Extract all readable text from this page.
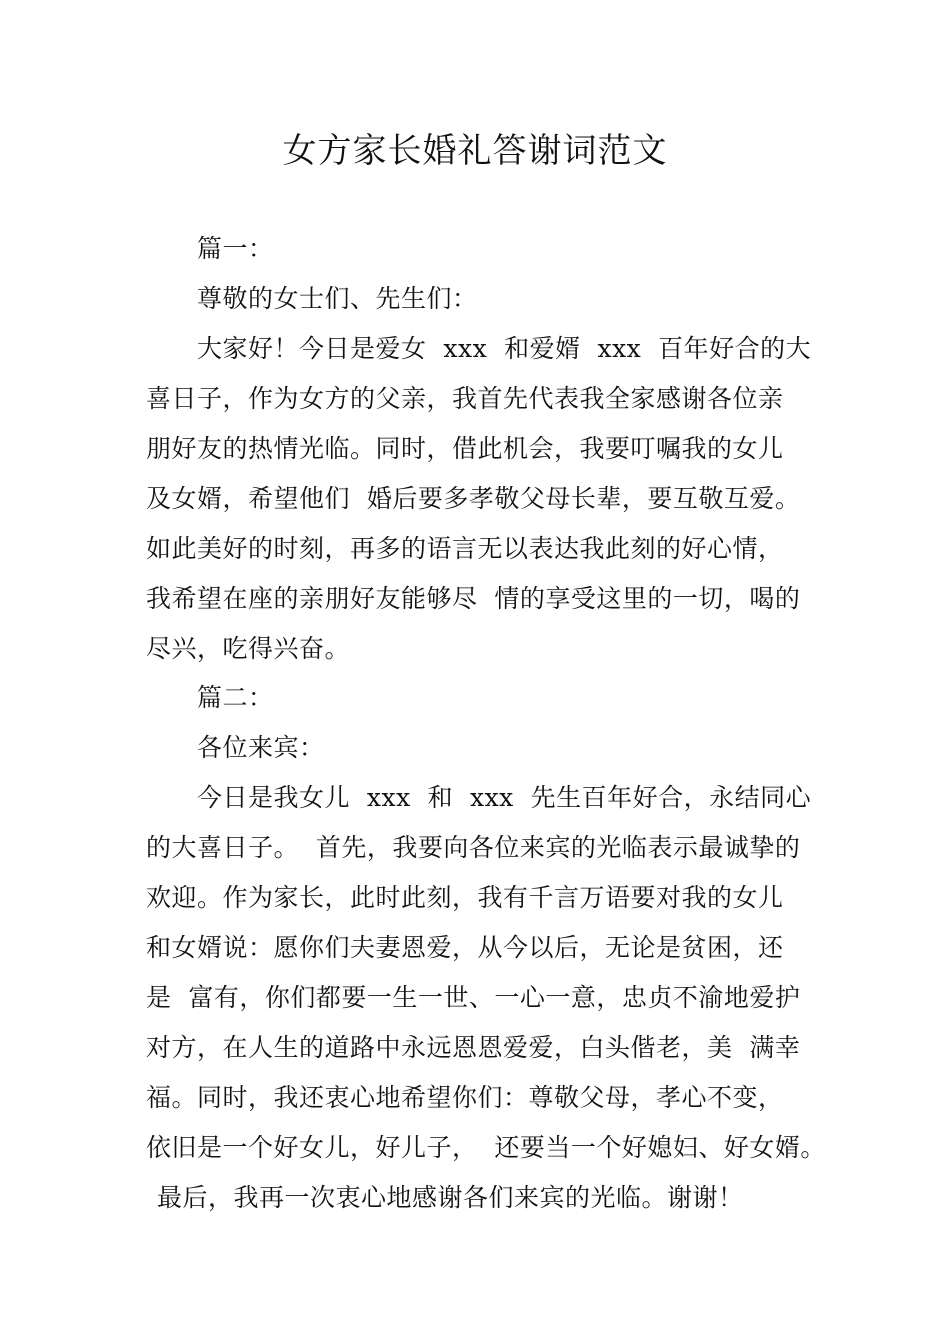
女方家长婚礼答谢词范文
篇一：
尊敬的女士们、先生们：
大家好！今日是爱女  xxx  和爱婿  xxx  百年好合的大
喜日子，作为女方的父亲，我首先代表我全家感谢各位亲
朋好友的热情光临。同时，借此机会，我要叮嘱我的女儿
及女婿，希望他们  婚后要多孝敬父母长辈，要互敬互爱。
如此美好的时刻，再多的语言无以表达我此刻的好心情，
我希望在座的亲朋好友能够尽  情的享受这里的一切，喝的
尽兴，吃得兴奋。
篇二：
各位来宾：
今日是我女儿  xxx  和  xxx  先生百年好合，永结同心
的大喜日子。  首先，我要向各位来宾的光临表示最诚挚的
欢迎。作为家长，此时此刻，我有千言万语要对我的女儿
和女婿说：愿你们夫妻恩爱，从今以后，无论是贫困，还
是  富有，你们都要一生一世、一心一意，忠贞不渝地爱护
对方，在人生的道路中永远恩恩爱爱，白头偕老，美  满幸
福。同时，我还衷心地希望你们：尊敬父母，孝心不变，
依旧是一个好女儿，好儿子，  还要当一个好媳妇、好女婿。
最后，我再一次衷心地感谢各们来宾的光临。谢谢！
